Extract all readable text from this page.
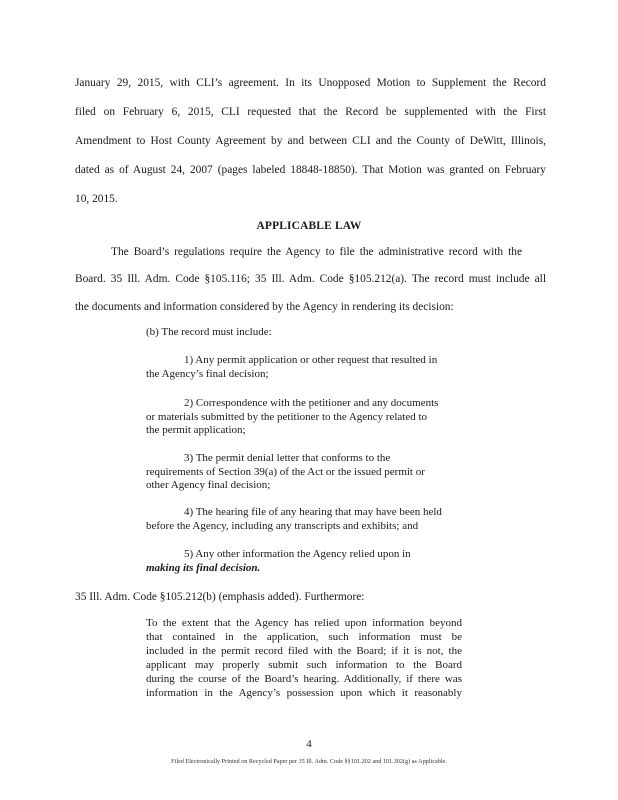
January 29, 2015, with CLI’s agreement. In its Unopposed Motion to Supplement the Record
filed on February 6, 2015, CLI requested that the Record be supplemented with the First
Amendment to Host County Agreement by and between CLI and the County of DeWitt, Illinois,
dated as of August 24, 2007 (pages labeled 18848-18850). That Motion was granted on February
10, 2015.
APPLICABLE LAW
The Board’s regulations require the Agency to file the administrative record with the
Board. 35 Ill. Adm. Code §105.116; 35 Ill. Adm. Code §105.212(a). The record must include all
the documents and information considered by the Agency in rendering its decision:
(b) The record must include:
1) Any permit application or other request that resulted in
the Agency’s final decision;
2) Correspondence with the petitioner and any documents
or materials submitted by the petitioner to the Agency related to
the permit application;
3) The permit denial letter that conforms to the
requirements of Section 39(a) of the Act or the issued permit or
other Agency final decision;
4) The hearing file of any hearing that may have been held
before the Agency, including any transcripts and exhibits; and
5) Any other information the Agency relied upon in
making its final decision.
35 Ill. Adm. Code §105.212(b) (emphasis added). Furthermore:
To the extent that the Agency has relied upon information beyond
that contained in the application, such information must be
included in the permit record filed with the Board; if it is not, the
applicant may properly submit such information to the Board
during the course of the Board’s hearing. Additionally, if there was
information in the Agency’s possession upon which it reasonably
4
Filed Electronically Printed on Recycled Paper per 35 Ill. Adm. Code §§101.202 and 101.302(g) as Applicable.
